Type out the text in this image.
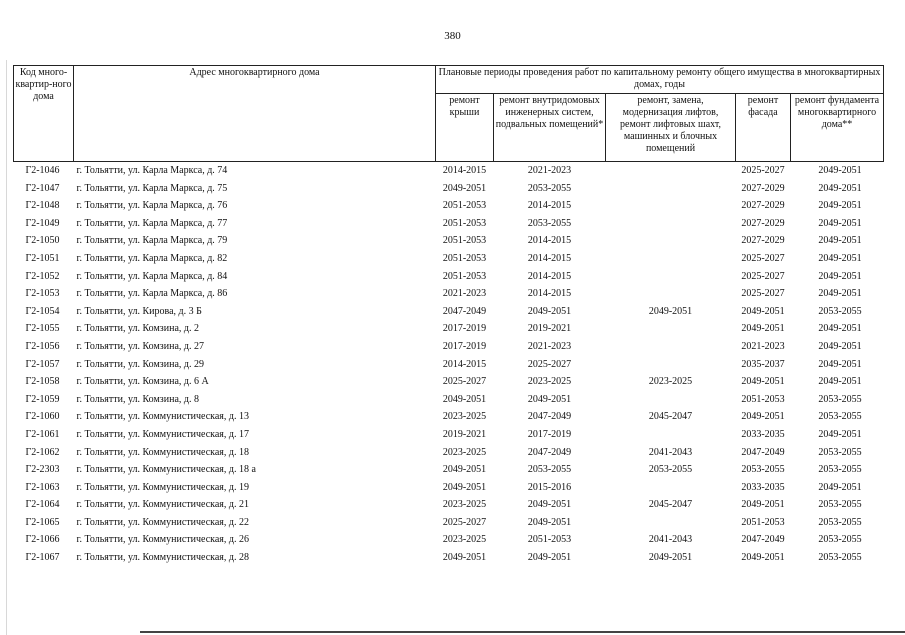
380
Код много-квартир-ного дома	Адрес многоквартирного дома	Плановые периоды проведения работ по капитальному ремонту общего имущества в многоквартирных домах, годы				
		ремонт крыши	ремонт внутридомовых инженерных систем, подвальных помещений*	ремонт, замена, модернизация лифтов, ремонт лифтовых шахт, машинных и блочных помещений	ремонт фасада	ремонт фундамента многоквартирного дома**
Г2-1046	г. Тольятти, ул. Карла Маркса, д. 74	2014-2015	2021-2023		2025-2027	2049-2051
Г2-1047	г. Тольятти, ул. Карла Маркса, д. 75	2049-2051	2053-2055		2027-2029	2049-2051
Г2-1048	г. Тольятти, ул. Карла Маркса, д. 76	2051-2053	2014-2015		2027-2029	2049-2051
Г2-1049	г. Тольятти, ул. Карла Маркса, д. 77	2051-2053	2053-2055		2027-2029	2049-2051
Г2-1050	г. Тольятти, ул. Карла Маркса, д. 79	2051-2053	2014-2015		2027-2029	2049-2051
Г2-1051	г. Тольятти, ул. Карла Маркса, д. 82	2051-2053	2014-2015		2025-2027	2049-2051
Г2-1052	г. Тольятти, ул. Карла Маркса, д. 84	2051-2053	2014-2015		2025-2027	2049-2051
Г2-1053	г. Тольятти, ул. Карла Маркса, д. 86	2021-2023	2014-2015		2025-2027	2049-2051
Г2-1054	г. Тольятти, ул. Кирова, д. 3 Б	2047-2049	2049-2051	2049-2051	2049-2051	2053-2055
Г2-1055	г. Тольятти, ул. Комзина, д. 2	2017-2019	2019-2021		2049-2051	2049-2051
Г2-1056	г. Тольятти, ул. Комзина, д. 27	2017-2019	2021-2023		2021-2023	2049-2051
Г2-1057	г. Тольятти, ул. Комзина, д. 29	2014-2015	2025-2027		2035-2037	2049-2051
Г2-1058	г. Тольятти, ул. Комзина, д. 6 А	2025-2027	2023-2025	2023-2025	2049-2051	2049-2051
Г2-1059	г. Тольятти, ул. Комзина, д. 8	2049-2051	2049-2051		2051-2053	2053-2055
Г2-1060	г. Тольятти, ул. Коммунистическая, д. 13	2023-2025	2047-2049	2045-2047	2049-2051	2053-2055
Г2-1061	г. Тольятти, ул. Коммунистическая, д. 17	2019-2021	2017-2019		2033-2035	2049-2051
Г2-1062	г. Тольятти, ул. Коммунистическая, д. 18	2023-2025	2047-2049	2041-2043	2047-2049	2053-2055
Г2-2303	г. Тольятти, ул. Коммунистическая, д. 18 а	2049-2051	2053-2055	2053-2055	2053-2055	2053-2055
Г2-1063	г. Тольятти, ул. Коммунистическая, д. 19	2049-2051	2015-2016		2033-2035	2049-2051
Г2-1064	г. Тольятти, ул. Коммунистическая, д. 21	2023-2025	2049-2051	2045-2047	2049-2051	2053-2055
Г2-1065	г. Тольятти, ул. Коммунистическая, д. 22	2025-2027	2049-2051		2051-2053	2053-2055
Г2-1066	г. Тольятти, ул. Коммунистическая, д. 26	2023-2025	2051-2053	2041-2043	2047-2049	2053-2055
Г2-1067	г. Тольятти, ул. Коммунистическая, д. 28	2049-2051	2049-2051	2049-2051	2049-2051	2053-2055
